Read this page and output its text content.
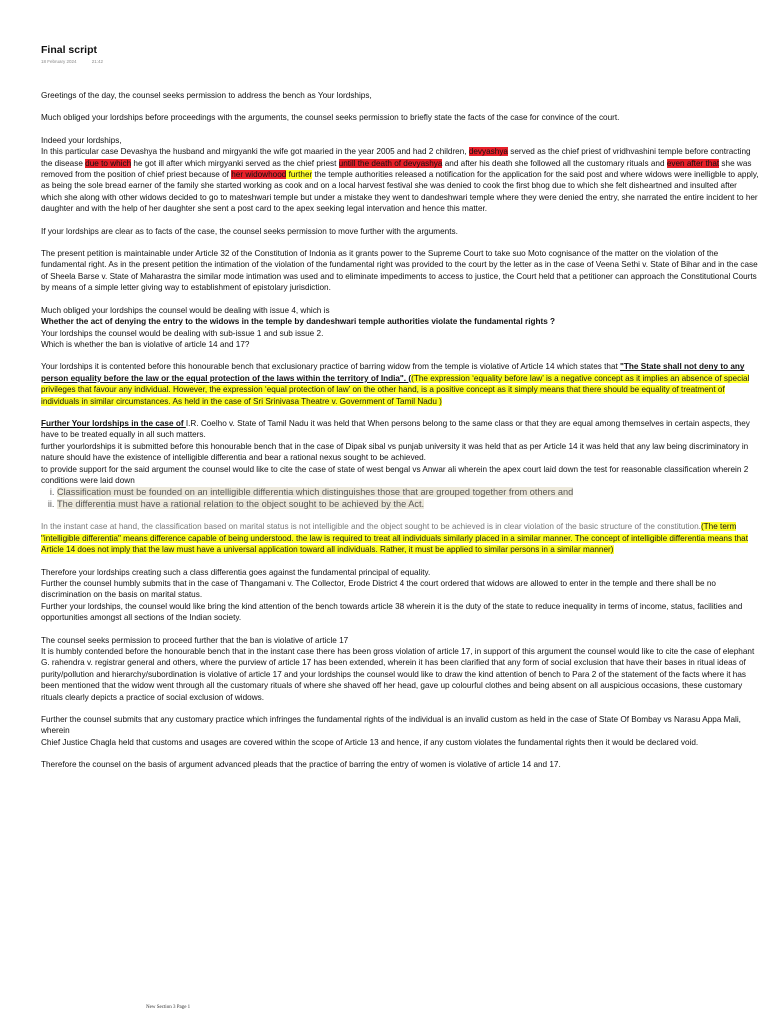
Final script
18 February 2024	21:42

Greetings of the day, the counsel seeks permission to address the bench as Your lordships,

Much obliged your lordships before proceedings with the arguments, the counsel seeks permission to briefly state the facts of the case for convince of the court.

Indeed your lordships,

In this particular case Devashya the husband and mirgyanki the wife got maaried in the year 2005 and had 2 children, devyashya served as the chief priest of vridhvashini temple before contracting the disease due to which he got ill after which mirgyanki served as the chief priest untill the death of devyashya and after his death she followed all the customary rituals and even after that she was removed from the position of chief priest because of her widowhood further the temple authorities released a notification for the application for the said post and where widows were inelligble to apply, as being the sole bread earner of the family she started working as cook and on a local harvest festival she was denied to cook the first bhog due to which she felt disheartned and insulted after which she along with other widows decided to go to mateshwari temple but under a mistake they went to dandeshwari temple where they were denied the entry, she narrated the entire incident to her daughter and with the help of her daughter she sent a post card to the apex seeking legal intervation and hence this matter.

If your lordships are clear as to facts of the case, the counsel seeks permission to move further with the arguments.

The present petition is maintainable under Article 32 of the Constitution of Indonia as it grants power to the Supreme Court to take suo Moto cognisance of the matter on the violation of the fundamental right. As in the present petition the intimation of the violation of the fundamental right was provided to the court by the letter as in the case of Veena Sethi v. State of Bihar and in the case of Sheela Barse v. State of Maharastra the similar mode intimation was used and to eliminate impediments to access to justice, the Court held that a petitioner can approach the Constitutional Courts by means of a simple letter giving way to establishment of epistolary jurisdiction.

Much obliged your lordships the counsel would be dealing with issue 4, which is

Whether the act of denying the entry to the widows in the temple by dandeshwari temple authorities violate the fundamental rights ?

Your lordships the counsel would be dealing with sub-issue 1 and sub issue 2.

Which is whether the ban is violative of article 14 and 17?

Your lordships it is contented before this honourable bench that exclusionary practice of barring widow from the temple is violative of Article 14 which states that "The State shall not deny to any person equality before the law or the equal protection of the laws within the territory of India". ((The expression ‘equality before law’ is a negative concept as it implies an absence of special privileges that favour any individual. However, the expression ‘equal protection of law’ on the other hand, is a positive concept as it simply means that there should be equality of treatment of individuals in similar circumstances. As held in the case of Sri Srinivasa Theatre v. Government of Tamil Nadu )

Further Your lordships in the case of I.R. Coelho v. State of Tamil Nadu it was held that When persons belong to the same class or that they are equal among themselves in certain aspects, they have to be treated equally in all such matters.

further yourlordships it is submitted before this honourable bench that in the case of Dipak sibal vs punjab university it was held that as per Article 14 it was held that any law being discriminatory in nature should have the existence of intelligible differentia and bear a rational nexus sought to be achieved.

to provide support for the said argument the counsel would like to cite the case of state of west bengal vs Anwar ali wherein the apex court laid down the test for reasonable classification wherein 2 conditions were laid down

i. Classification must be founded on an intelligible differentia which distinguishes those that are grouped together from others and
ii. The differentia must have a rational relation to the object sought to be achieved by the Act.

In the instant case at hand, the classification based on marital status is not intelligible and the object sought to be achieved is in clear violation of the basic structure of the constitution.(The term "intelligible differentia" means difference capable of being understood. the law is required to treat all individuals similarly placed in a similar manner. The concept of intelligible differentia means that Article 14 does not imply that the law must have a universal application toward all individuals. Rather, it must be applied to similar persons in a similar manner)

Therefore your lordships creating such a class differentia goes against the fundamental principal of equality.

Further the counsel humbly submits that in the case of Thangamani v. The Collector, Erode District 4 the court ordered that widows are allowed to enter in the temple and there shall be no discrimination on the basis on marital status.

Further your lordships, the counsel would like bring the kind attention of the bench towards article 38 wherein it is the duty of the state to reduce inequality in terms of income, status, facilities and opportunities amongst all sections of the Indian society.

The counsel seeks permission to proceed further that the ban is violative of article 17

It is humbly contended before the honourable bench that in the instant case there has been gross violation of article 17, in support of this argument the counsel would like to cite the case of elephant G. rahendra v. registrar general and others, where the purview of article 17 has been extended, wherein it has been clarified that any form of social exclusion that have their bases in ritual ideas of purity/pollution and hierarchy/subordination is violative of article 17 and your lordships the counsel would like to draw the kind attention of bench to Para 2 of the statement of the facts where it has been mentioned that the widow went through all the customary rituals of where she shaved off her head, gave up colourful clothes and being absent on all auspicious occasions, these customary rituals clearly depicts a practice of social exclusion of widows.

Further the counsel submits that any customary practice which infringes the fundamental rights of the individual is an invalid custom as held in the case of State Of Bombay vs Narasu Appa Mali, wherein

Chief Justice Chagla held that customs and usages are covered within the scope of Article 13 and hence, if any custom violates the fundamental rights then it would be declared void.

Therefore the counsel on the basis of argument advanced pleads that the practice of barring the entry of women is violative of article 14 and 17.

New Section 3 Page 1
